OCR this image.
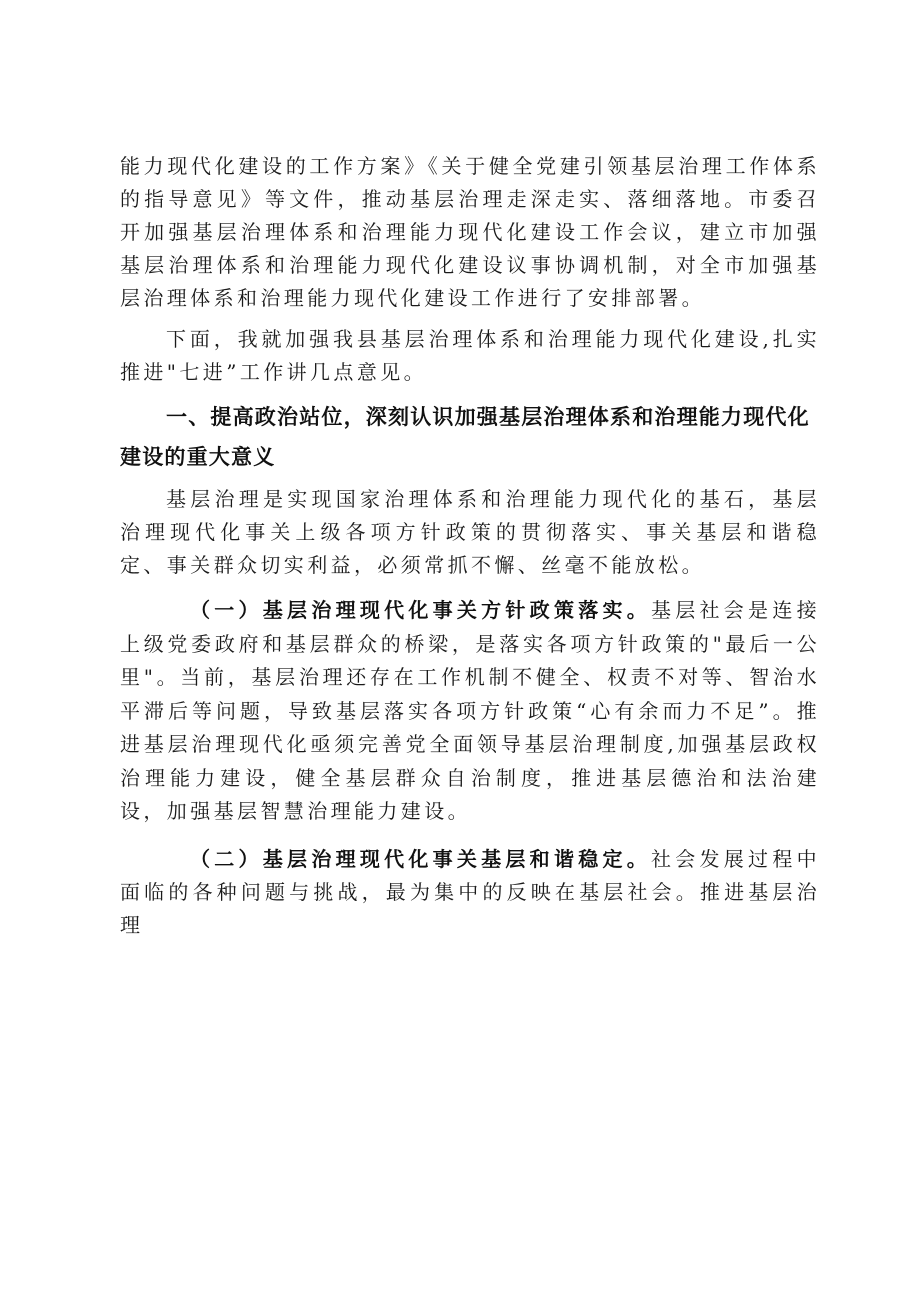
能力现代化建设的工作方案》《关于健全党建引领基层治理工作体系的指导意见》等文件，推动基层治理走深走实、落细落地。市委召开加强基层治理体系和治理能力现代化建设工作会议，建立市加强基层治理体系和治理能力现代化建设议事协调机制，对全市加强基层治理体系和治理能力现代化建设工作进行了安排部署。

下面，我就加强我县基层治理体系和治理能力现代化建设,扎实推进"七进”工作讲几点意见。

一、提高政治站位，深刻认识加强基层治理体系和治理能力现代化建设的重大意义

基层治理是实现国家治理体系和治理能力现代化的基石，基层治理现代化事关上级各项方针政策的贯彻落实、事关基层和谐稳定、事关群众切实利益，必须常抓不懈、丝毫不能放松。

（一）基层治理现代化事关方针政策落实。基层社会是连接上级党委政府和基层群众的桥梁，是落实各项方针政策的"最后一公里"。当前，基层治理还存在工作机制不健全、权责不对等、智治水平滞后等问题，导致基层落实各项方针政策“心有余而力不足”。推进基层治理现代化亟须完善党全面领导基层治理制度,加强基层政权治理能力建设，健全基层群众自治制度，推进基层德治和法治建设，加强基层智慧治理能力建设。

（二）基层治理现代化事关基层和谐稳定。社会发展过程中面临的各种问题与挑战，最为集中的反映在基层社会。推进基层治理
